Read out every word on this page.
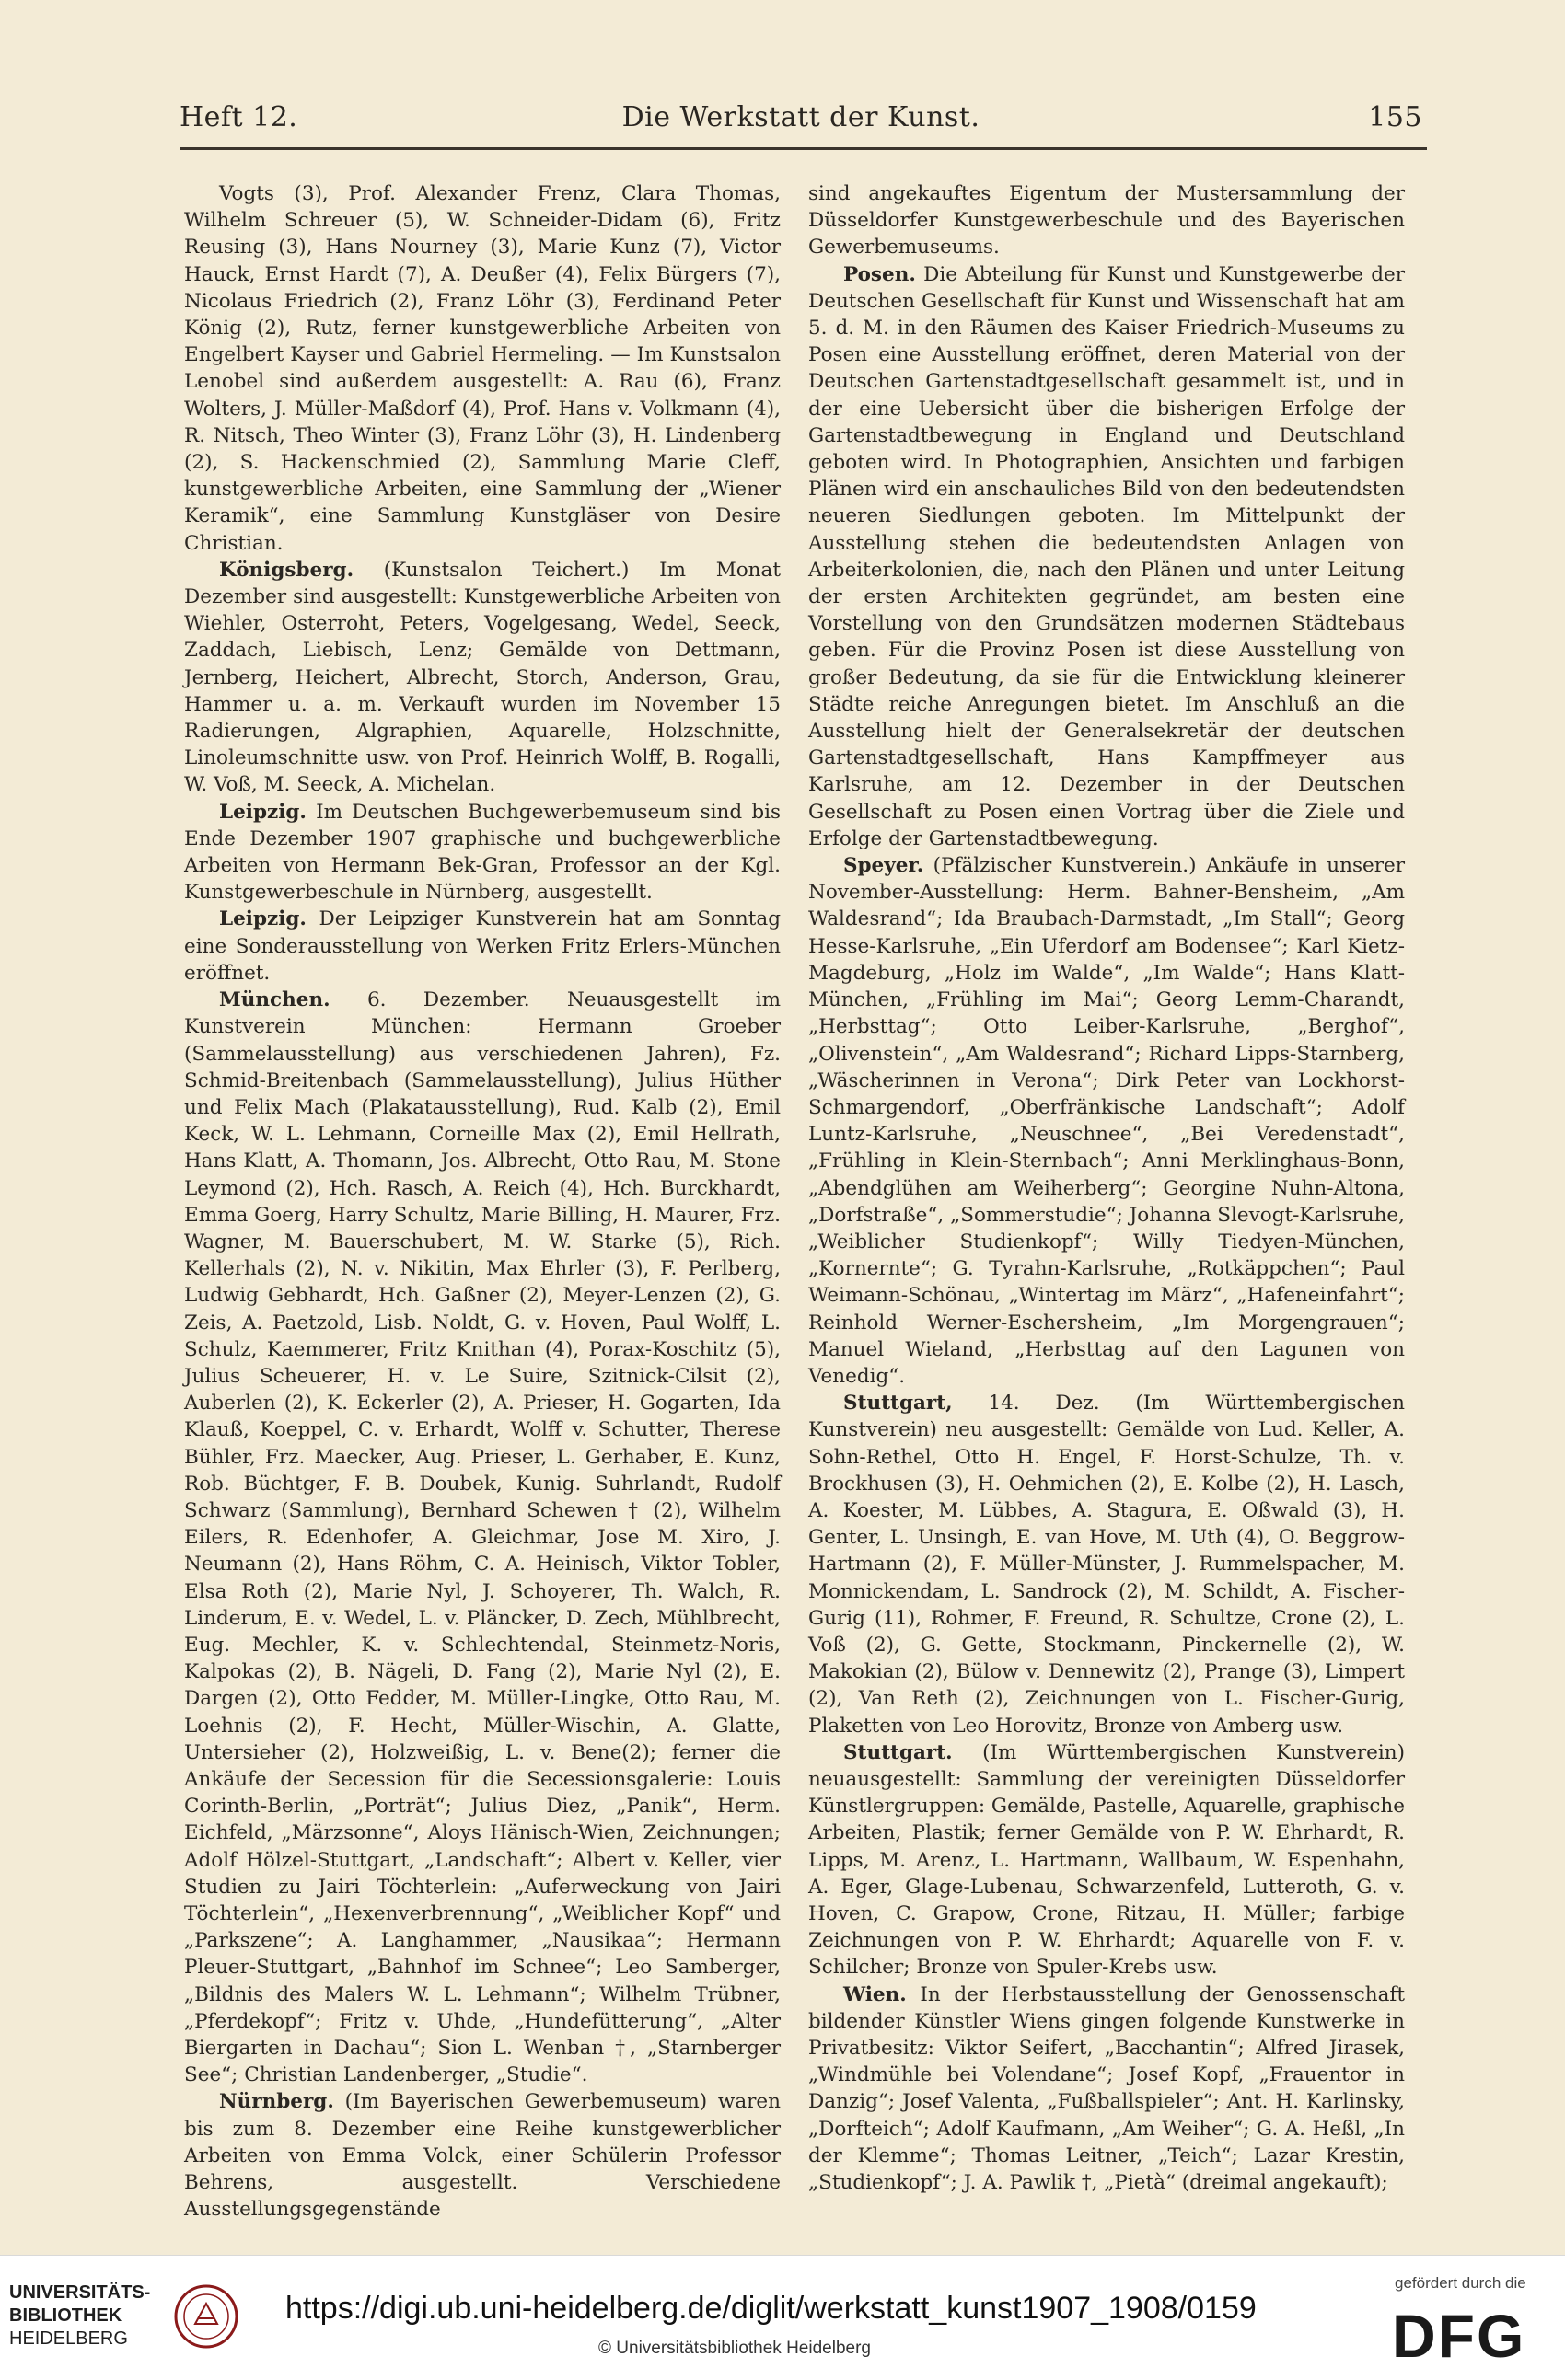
Heft 12.	Die Werkstatt der Kunst.	155

Vogts (3), Prof. Alexander Frenz, Clara Thomas, Wilhelm Schreuer (5), W. Schneider-Didam (6), Fritz Reusing (3), Hans Nourney (3), Marie Kunz (7), Victor Hauck, Ernst Hardt (7), A. Deußer (4), Felix Bürgers (7), Nicolaus Friedrich (2), Franz Löhr (3), Ferdinand Peter König (2), Rutz, ferner kunstgewerbliche Arbeiten von Engelbert Kayser und Gabriel Hermeling. — Im Kunstsalon Lenobel sind außerdem ausgestellt: A. Rau (6), Franz Wolters, J. Müller-Maßdorf (4), Prof. Hans v. Volkmann (4), R. Nitsch, Theo Winter (3), Franz Löhr (3), H. Lindenberg (2), S. Hackenschmied (2), Sammlung Marie Cleff, kunstgewerbliche Arbeiten, eine Sammlung der „Wiener Keramik“, eine Sammlung Kunstgläser von Desire Christian.

Königsberg. (Kunstsalon Teichert.) Im Monat Dezember sind ausgestellt: Kunstgewerbliche Arbeiten von Wiehler, Osterroht, Peters, Vogelgesang, Wedel, Seeck, Zaddach, Liebisch, Lenz; Gemälde von Dettmann, Jernberg, Heichert, Albrecht, Storch, Anderson, Grau, Hammer u. a. m. Verkauft wurden im November 15 Radierungen, Algraphien, Aquarelle, Holzschnitte, Linoleumschnitte usw. von Prof. Heinrich Wolff, B. Rogalli, W. Voß, M. Seeck, A. Michelan.

Leipzig. Im Deutschen Buchgewerbemuseum sind bis Ende Dezember 1907 graphische und buchgewerbliche Arbeiten von Hermann Bek-Gran, Professor an der Kgl. Kunstgewerbeschule in Nürnberg, ausgestellt.

Leipzig. Der Leipziger Kunstverein hat am Sonntag eine Sonderausstellung von Werken Fritz Erlers-München eröffnet.

München. 6. Dezember. Neuausgestellt im Kunstverein München: Hermann Groeber (Sammelausstellung) aus verschiedenen Jahren), Fz. Schmid-Breitenbach (Sammelausstellung), Julius Hüther und Felix Mach (Plakatausstellung), Rud. Kalb (2), Emil Keck, W. L. Lehmann, Corneille Max (2), Emil Hellrath, Hans Klatt, A. Thomann, Jos. Albrecht, Otto Rau, M. Stone Leymond (2), Hch. Rasch, A. Reich (4), Hch. Burckhardt, Emma Goerg, Harry Schultz, Marie Billing, H. Maurer, Frz. Wagner, M. Bauerschubert, M. W. Starke (5), Rich. Kellerhals (2), N. v. Nikitin, Max Ehrler (3), F. Perlberg, Ludwig Gebhardt, Hch. Gaßner (2), Meyer-Lenzen (2), G. Zeis, A. Paetzold, Lisb. Noldt, G. v. Hoven, Paul Wolff, L. Schulz, Kaemmerer, Fritz Knithan (4), Porax-Koschitz (5), Julius Scheuerer, H. v. Le Suire, Szitnick-Cilsit (2), Auberlen (2), K. Eckerler (2), A. Prieser, H. Gogarten, Ida Klauß, Koeppel, C. v. Erhardt, Wolff v. Schutter, Therese Bühler, Frz. Maecker, Aug. Prieser, L. Gerhaber, E. Kunz, Rob. Büchtger, F. B. Doubek, Kunig. Suhrlandt, Rudolf Schwarz (Sammlung), Bernhard Schewen † (2), Wilhelm Eilers, R. Edenhofer, A. Gleichmar, Jose M. Xiro, J. Neumann (2), Hans Röhm, C. A. Heinisch, Viktor Tobler, Elsa Roth (2), Marie Nyl, J. Schoyerer, Th. Walch, R. Linderum, E. v. Wedel, L. v. Pläncker, D. Zech, Mühlbrecht, Eug. Mechler, K. v. Schlechtendal, Steinmetz-Noris, Kalpokas (2), B. Nägeli, D. Fang (2), Marie Nyl (2), E. Dargen (2), Otto Fedder, M. Müller-Lingke, Otto Rau, M. Loehnis (2), F. Hecht, Müller-Wischin, A. Glatte, Untersieher (2), Holzweißig, L. v. Bene(2); ferner die Ankäufe der Secession für die Secessionsgalerie: Louis Corinth-Berlin, „Porträt“; Julius Diez, „Panik“, Herm. Eichfeld, „Märzsonne“, Aloys Hänisch-Wien, Zeichnungen; Adolf Hölzel-Stuttgart, „Landschaft“; Albert v. Keller, vier Studien zu Jairi Töchterlein: „Auferweckung von Jairi Töchterlein“, „Hexenverbrennung“, „Weiblicher Kopf“ und „Parkszene“; A. Langhammer, „Nausikaa“; Hermann Pleuer-Stuttgart, „Bahnhof im Schnee“; Leo Samberger, „Bildnis des Malers W. L. Lehmann“; Wilhelm Trübner, „Pferdekopf“; Fritz v. Uhde, „Hundefütterung“, „Alter Biergarten in Dachau“; Sion L. Wenban †, „Starnberger See“; Christian Landenberger, „Studie“.

Nürnberg. (Im Bayerischen Gewerbemuseum) waren bis zum 8. Dezember eine Reihe kunstgewerblicher Arbeiten von Emma Volck, einer Schülerin Professor Behrens, ausgestellt. Verschiedene Ausstellungsgegenstände

sind angekauftes Eigentum der Mustersammlung der Düsseldorfer Kunstgewerbeschule und des Bayerischen Gewerbemuseums.

Posen. Die Abteilung für Kunst und Kunstgewerbe der Deutschen Gesellschaft für Kunst und Wissenschaft hat am 5. d. M. in den Räumen des Kaiser Friedrich-Museums zu Posen eine Ausstellung eröffnet, deren Material von der Deutschen Gartenstadtgesellschaft gesammelt ist, und in der eine Uebersicht über die bisherigen Erfolge der Gartenstadtbewegung in England und Deutschland geboten wird. In Photographien, Ansichten und farbigen Plänen wird ein anschauliches Bild von den bedeutendsten neueren Siedlungen geboten. Im Mittelpunkt der Ausstellung stehen die bedeutendsten Anlagen von Arbeiterkolonien, die, nach den Plänen und unter Leitung der ersten Architekten gegründet, am besten eine Vorstellung von den Grundsätzen modernen Städtebaus geben. Für die Provinz Posen ist diese Ausstellung von großer Bedeutung, da sie für die Entwicklung kleinerer Städte reiche Anregungen bietet. Im Anschluß an die Ausstellung hielt der Generalsekretär der deutschen Gartenstadtgesellschaft, Hans Kampffmeyer aus Karlsruhe, am 12. Dezember in der Deutschen Gesellschaft zu Posen einen Vortrag über die Ziele und Erfolge der Gartenstadtbewegung.

Speyer. (Pfälzischer Kunstverein.) Ankäufe in unserer November-Ausstellung: Herm. Bahner-Bensheim, „Am Waldesrand“; Ida Braubach-Darmstadt, „Im Stall“; Georg Hesse-Karlsruhe, „Ein Uferdorf am Bodensee“; Karl Kietz-Magdeburg, „Holz im Walde“, „Im Walde“; Hans Klatt-München, „Frühling im Mai“; Georg Lemm-Charandt, „Herbsttag“; Otto Leiber-Karlsruhe, „Berghof“, „Olivenstein“, „Am Waldesrand“; Richard Lipps-Starnberg, „Wäscherinnen in Verona“; Dirk Peter van Lockhorst-Schmargendorf, „Oberfränkische Landschaft“; Adolf Luntz-Karlsruhe, „Neuschnee“, „Bei Veredenstadt“, „Frühling in Klein-Sternbach“; Anni Merklinghaus-Bonn, „Abendglühen am Weiherberg“; Georgine Nuhn-Altona, „Dorfstraße“, „Sommerstudie“; Johanna Slevogt-Karlsruhe, „Weiblicher Studienkopf“; Willy Tiedyen-München, „Kornernte“; G. Tyrahn-Karlsruhe, „Rotkäppchen“; Paul Weimann-Schönau, „Wintertag im März“, „Hafeneinfahrt“; Reinhold Werner-Eschersheim, „Im Morgengrauen“; Manuel Wieland, „Herbsttag auf den Lagunen von Venedig“.

Stuttgart, 14. Dez. (Im Württembergischen Kunstverein) neu ausgestellt: Gemälde von Lud. Keller, A. Sohn-Rethel, Otto H. Engel, F. Horst-Schulze, Th. v. Brockhusen (3), H. Oehmichen (2), E. Kolbe (2), H. Lasch, A. Koester, M. Lübbes, A. Stagura, E. Oßwald (3), H. Genter, L. Unsingh, E. van Hove, M. Uth (4), O. Beggrow-Hartmann (2), F. Müller-Münster, J. Rummelspacher, M. Monnickendam, L. Sandrock (2), M. Schildt, A. Fischer-Gurig (11), Rohmer, F. Freund, R. Schultze, Crone (2), L. Voß (2), G. Gette, Stockmann, Pinckernelle (2), W. Makokian (2), Bülow v. Dennewitz (2), Prange (3), Limpert (2), Van Reth (2), Zeichnungen von L. Fischer-Gurig, Plaketten von Leo Horovitz, Bronze von Amberg usw.

Stuttgart. (Im Württembergischen Kunstverein) neuausgestellt: Sammlung der vereinigten Düsseldorfer Künstlergruppen: Gemälde, Pastelle, Aquarelle, graphische Arbeiten, Plastik; ferner Gemälde von P. W. Ehrhardt, R. Lipps, M. Arenz, L. Hartmann, Wallbaum, W. Espenhahn, A. Eger, Glage-Lubenau, Schwarzenfeld, Lutteroth, G. v. Hoven, C. Grapow, Crone, Ritzau, H. Müller; farbige Zeichnungen von P. W. Ehrhardt; Aquarelle von F. v. Schilcher; Bronze von Spuler-Krebs usw.

Wien. In der Herbstausstellung der Genossenschaft bildender Künstler Wiens gingen folgende Kunstwerke in Privatbesitz: Viktor Seifert, „Bacchantin“; Alfred Jirasek, „Windmühle bei Volendane“; Josef Kopf, „Frauentor in Danzig“; Josef Valenta, „Fußballspieler“; Ant. H. Karlinsky, „Dorfteich“; Adolf Kaufmann, „Am Weiher“; G. A. Heßl, „In der Klemme“; Thomas Leitner, „Teich“; Lazar Krestin, „Studienkopf“; J. A. Pawlik †, „Pietà“ (dreimal angekauft);

UNIVERSITÄTS-
BIBLIOTHEK
HEIDELBERG
https://digi.ub.uni-heidelberg.de/diglit/werkstatt_kunst1907_1908/0159
© Universitätsbibliothek Heidelberg
gefördert durch die
DFG
